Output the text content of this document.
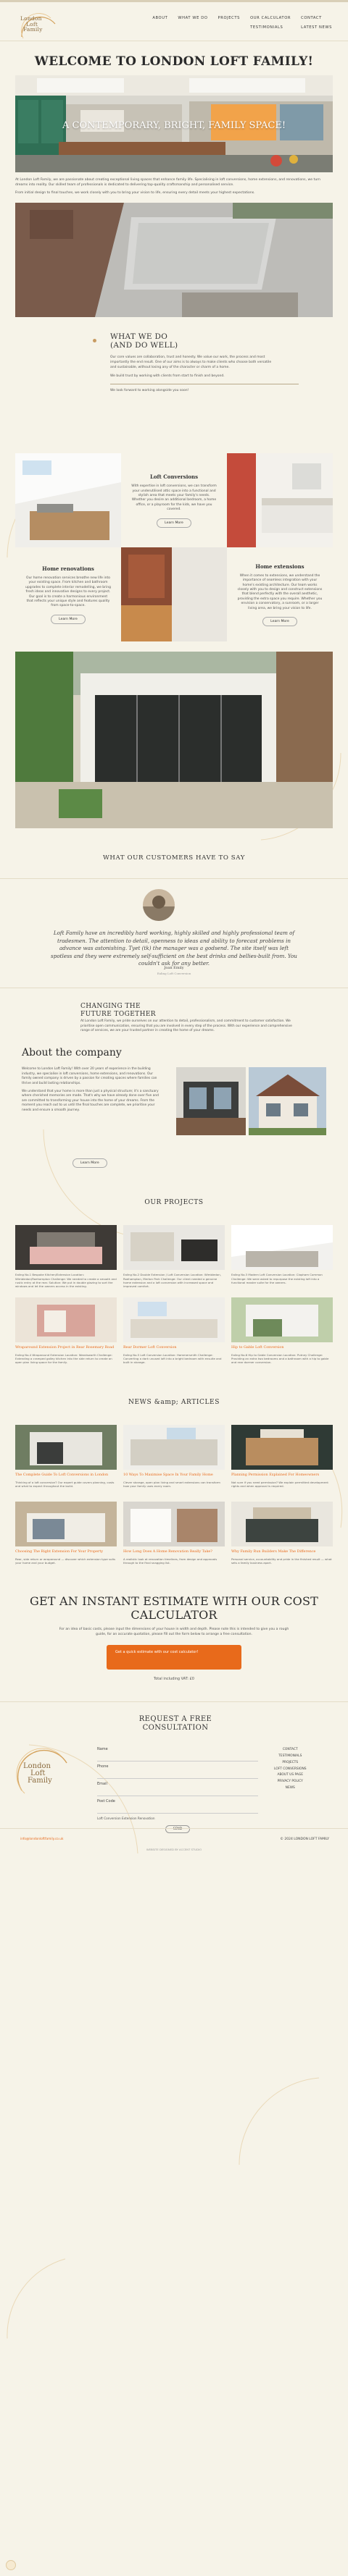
London
Loft
Family
ABOUT	WHAT WE DO	PROJECTS	OUR CALCULATOR	CONTACT
TESTIMONIALS	LATEST NEWS
WELCOME TO LONDON LOFT FAMILY!
A CONTEMPORARY, BRIGHT, FAMILY SPACE!

At London Loft Family, we are passionate about creating exceptional living spaces that enhance family life. Specialising in loft conversions, home extensions, and renovations, we turn dreams into reality. Our skilled team of professionals is dedicated to delivering top-quality craftsmanship and personalised service.

From initial design to final touches, we work closely with you to bring your vision to life, ensuring every detail meets your highest expectations.

WHAT WE DO
(AND DO WELL)

Our core values are collaboration, trust and honesty. We value our work, the process and most importantly the end result. One of our aims is to always to make clients who choose both versatile and sustainable, without losing any of the character or charm of a home.

We build trust by working with clients from start to finish and beyond.

We look forward to working alongside you soon!

Loft Conversions

With expertise in loft conversions, we can transform your underutilised attic space into a functional and stylish area that meets your family's needs. Whether you desire an additional bedroom, a home office, or a playroom for the kids, we have you covered.

Learn More
Home renovations

Our home renovation services breathe new life into your existing space. From kitchen and bathroom upgrades to complete interior remodelling, we bring fresh ideas and innovative designs to every project. Our goal is to create a harmonious environment that reflects your unique style and features quality from space-to-space.

Learn More
Home extensions

When it comes to extensions, we understand the importance of seamless integration with your home's existing architecture. Our team works closely with you to design and construct extensions that blend perfectly with the overall aesthetic, providing the extra space you require. Whether you envision a conservatory, a sunroom, or a larger living area, we bring your vision to life.

Learn More
WHAT OUR CUSTOMERS HAVE TO SAY

Loft Family have an incredibly hard working, highly skilled and highly professional team of tradesmen. The attention to detail, openness to ideas and ability to forecast problems in advance was astonishing. Tyet (tk) the manager was a godsend. The site itself was left spotless and they were extremely self-sufficient on the best drinks and bellies-built from. You couldn't ask for any better.

Joan Emily

Ealing Loft Conversion

CHANGING THE
FUTURE TOGETHER

At London Loft Family, we pride ourselves on our attention to detail, professionalism, and commitment to customer satisfaction. We prioritise open communication, ensuring that you are involved in every step of the process. With our experience and comprehensive range of services, we are your trusted partner in creating the home of your dreams.

About the company

Welcome to London Loft Family! With over 20 years of experience in the building industry, we specialise in loft conversions, home extensions, and renovations. Our family owned company is driven by a passion for creating spaces where families can thrive and build lasting relationships.

We understand that your home is more than just a physical structure; it's a sanctuary where cherished memories are made. That's why we have already done over five and are committed to transforming your house into the home of your dreams. From the moment you reach out to us until the final touches are complete, we prioritise your needs and ensure a smooth journey.

Learn More
OUR PROJECTS
Ealing No.1 Bespoke Kitchen/Extension Location: Wimbledon/Roehampton Challenge: We needed to create a smooth and rustic entry at the rear. Solution: We put in double glazing to sort the windows and let the owners access in the existing.
Ealing No.2 Double Extension / Loft Conversion Location: Wimbledon, Roehampton, Merton Park Challenge: Our client needed a genuine home extension and a loft conversion with increased space and improved comfort.
Ealing No.3 Modern Loft Conversion Location: Clapham Common Challenge: We were asked to repurpose the existing loft into a functional master suite for the owners.
Wraparound Extension Project in Rear Rosemary Road
Ealing No.4 Wraparound Extension Location: Wandsworth Challenge: Extending a cramped galley kitchen into the side return to create an open plan living space for the family.
Rear Dormer Loft Conversion
Ealing No.5 Loft Conversion Location: Hammersmith Challenge: Converting a dark unused loft into a bright bedroom with ensuite and built in storage.
Hip to Gable Loft Conversion
Ealing No.6 Hip to Gable Conversion Location: Putney Challenge: Providing an extra two bedrooms and a bathroom with a hip to gable and rear dormer conversion.
NEWS &amp; ARTICLES
The Complete Guide To Loft Conversions in London
Thinking of a loft conversion? Our expert guide covers planning, costs and what to expect throughout the build.
10 Ways To Maximise Space In Your Family Home
Clever storage, open plan living and smart extensions can transform how your family uses every room.
Planning Permission Explained For Homeowners
Not sure if you need permission? We explain permitted development rights and when approval is required.
Choosing The Right Extension For Your Property
Rear, side return or wraparound — discover which extension type suits your home and your budget.
How Long Does A Home Renovation Really Take?
A realistic look at renovation timelines, from design and approvals through to the final snagging list.
Why Family Run Builders Make The Difference
Personal service, accountability and pride in the finished result — what sets a family business apart.
GET AN INSTANT ESTIMATE WITH OUR COST CALCULATOR

For an idea of basic costs, please input the dimensions of your house in width and depth. Please note this is intended to give you a rough guide, for an accurate quotation, please fill out the form below to arrange a free consultation.

Get a quick estimate with our cost calculator!
Total including VAT: £0
REQUEST A FREE CONSULTATION
London
Loft
Family
Name
Phone
Email
Post Code
Loft Conversion Extension Renovation
SEND
CONTACT
TESTIMONIALS
PROJECTS
LOFT CONVERSIONS
ABOUT US PAGE
PRIVACY POLICY
NEWS
info@londonloftfamily.co.uk	© 2024 LONDON LOFT FAMILY
WEBSITE DESIGNED BY ACCENT STUDIO
